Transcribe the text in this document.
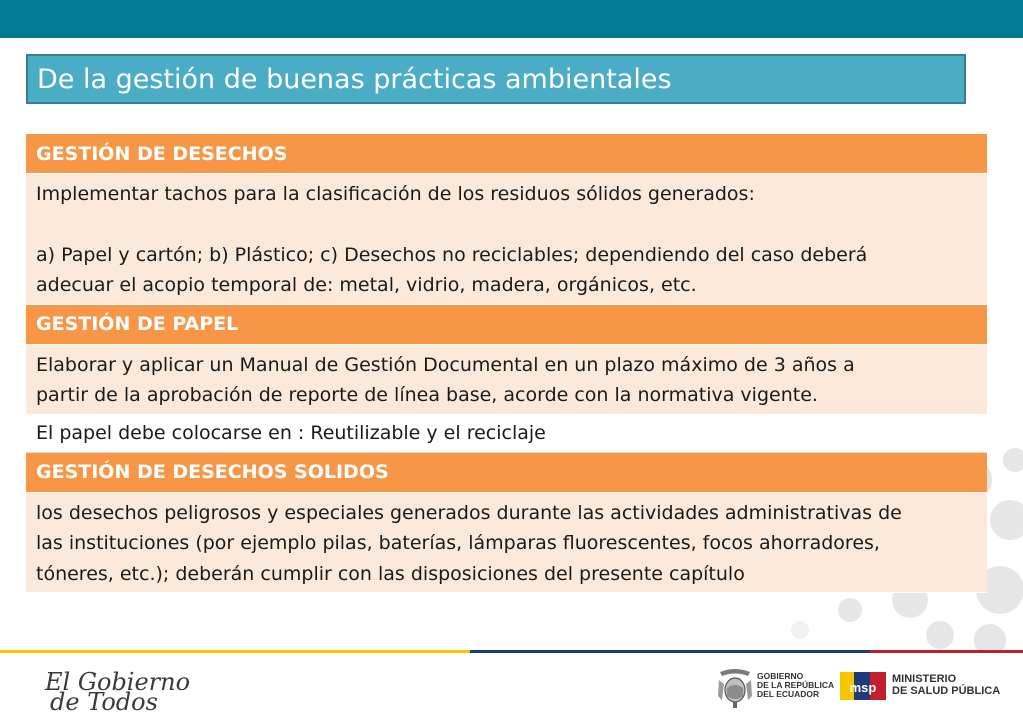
De la gestión de buenas prácticas ambientales
GESTIÓN DE DESECHOS
Implementar tachos para la clasificación de los residuos sólidos generados:
a) Papel y cartón; b) Plástico; c) Desechos no reciclables; dependiendo del caso deberá
adecuar el acopio temporal de: metal, vidrio, madera, orgánicos, etc.
GESTIÓN DE PAPEL
Elaborar y aplicar un Manual de Gestión Documental en un plazo máximo de 3 años a
partir de la aprobación de reporte de línea base, acorde con la normativa vigente.
El papel debe colocarse en : Reutilizable y el reciclaje
GESTIÓN DE DESECHOS SOLIDOS
los desechos peligrosos y especiales generados durante las actividades administrativas de
las instituciones (por ejemplo pilas, baterías, lámparas fluorescentes, focos ahorradores,
tóneres, etc.); deberán cumplir con las disposiciones del presente capítulo
El Gobierno
de Todos
GOBIERNO
DE LA REPÚBLICA
DEL ECUADOR	msp
MINISTERIO
DE SALUD PÚBLICA
